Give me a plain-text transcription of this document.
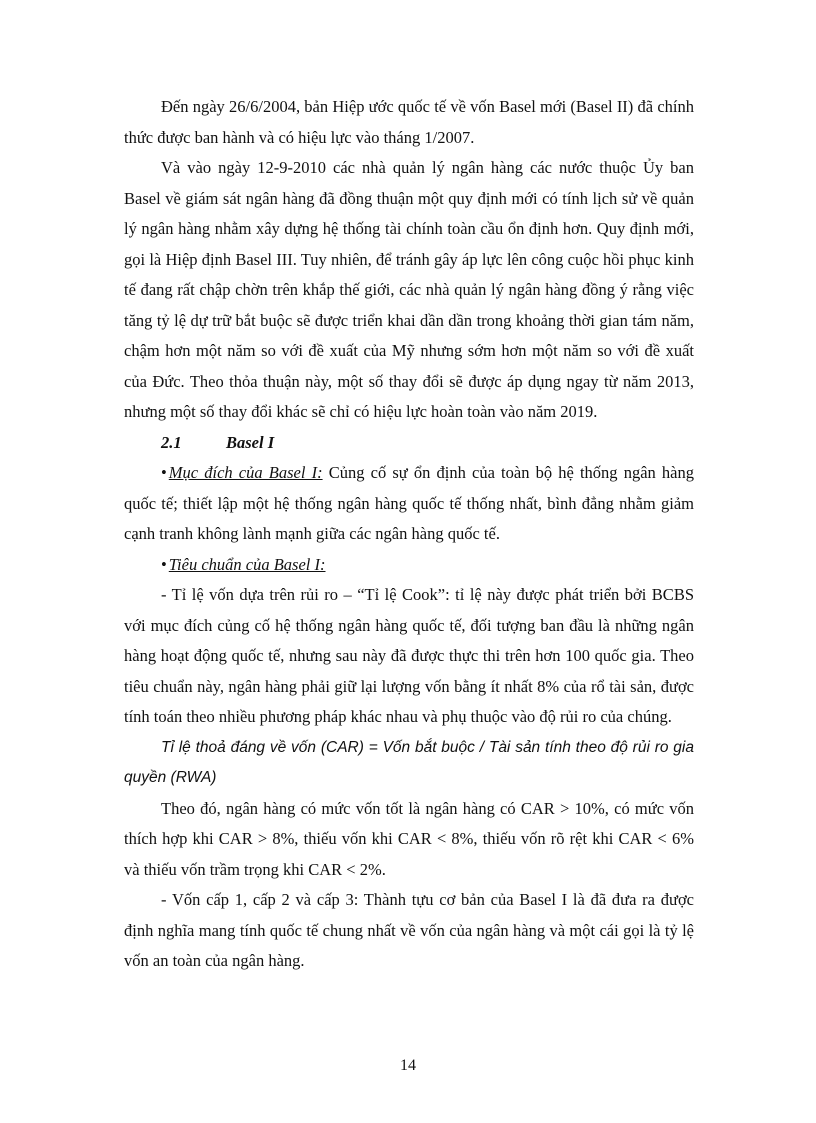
Đến ngày 26/6/2004, bản Hiệp ước quốc tế về vốn Basel mới (Basel II) đã chính thức được ban hành và có hiệu lực vào tháng 1/2007.

Và vào ngày 12-9-2010 các nhà quản lý ngân hàng các nước thuộc Ủy ban Basel về giám sát ngân hàng đã đồng thuận một quy định mới có tính lịch sử về quản lý ngân hàng nhằm xây dựng hệ thống tài chính toàn cầu ổn định hơn. Quy định mới, gọi là Hiệp định Basel III. Tuy nhiên, để tránh gây áp lực lên công cuộc hồi phục kinh tế đang rất chập chờn trên khắp thế giới, các nhà quản lý ngân hàng đồng ý rằng việc tăng tỷ lệ dự trữ bắt buộc sẽ được triển khai dần dần trong khoảng thời gian tám năm, chậm hơn một năm so với đề xuất của Mỹ nhưng sớm hơn một năm so với đề xuất của Đức. Theo thỏa thuận này, một số thay đổi sẽ được áp dụng ngay từ năm 2013, nhưng một số thay đổi khác sẽ chỉ có hiệu lực hoàn toàn vào năm 2019.

2.1	Basel I

• Mục đích của Basel I: Củng cố sự ổn định của toàn bộ hệ thống ngân hàng quốc tế; thiết lập một hệ thống ngân hàng quốc tế thống nhất, bình đẳng nhằm giảm cạnh tranh không lành mạnh giữa các ngân hàng quốc tế.

• Tiêu chuẩn của Basel I:

- Tỉ lệ vốn dựa trên rủi ro – “Tỉ lệ Cook”: tỉ lệ này được phát triển bởi BCBS với mục đích củng cố hệ thống ngân hàng quốc tế, đối tượng ban đầu là những ngân hàng hoạt động quốc tế, nhưng sau này đã được thực thi trên hơn 100 quốc gia. Theo tiêu chuẩn này, ngân hàng phải giữ lại lượng vốn bằng ít nhất 8% của rổ tài sản, được tính toán theo nhiều phương pháp khác nhau và phụ thuộc vào độ rủi ro của chúng.

Tỉ lệ thoả đáng về vốn (CAR) = Vốn bắt buộc / Tài sản tính theo độ rủi ro gia quyền (RWA)

Theo đó, ngân hàng có mức vốn tốt là ngân hàng có CAR > 10%, có mức vốn thích hợp khi CAR > 8%, thiếu vốn khi CAR < 8%, thiếu vốn rõ rệt khi CAR < 6% và thiếu vốn trầm trọng khi CAR < 2%.

- Vốn cấp 1, cấp 2 và cấp 3: Thành tựu cơ bản của Basel I là đã đưa ra được định nghĩa mang tính quốc tế chung nhất về vốn của ngân hàng và một cái gọi là tỷ lệ vốn an toàn của ngân hàng.

14
